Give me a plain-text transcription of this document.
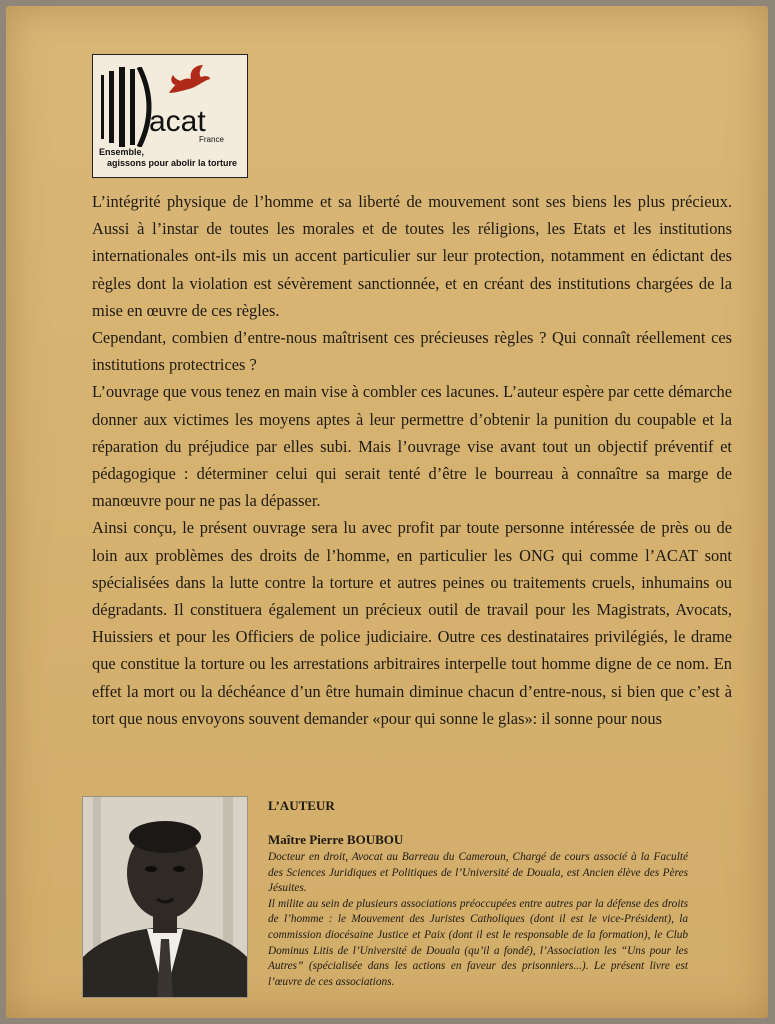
acat
France
Ensemble,
agissons pour abolir la torture

L’intégrité physique de l’homme et sa liberté de mouvement sont ses biens les plus précieux. Aussi à l’instar de toutes les morales et de toutes les réligions, les Etats et les institutions internationales ont-ils mis un accent particulier sur leur protection, notamment en édictant des règles dont la violation est sévèrement sanctionnée, et en créant des institutions chargées de la mise en œuvre de ces règles.

Cependant, combien d’entre-nous maîtrisent ces précieuses règles ? Qui connaît réellement ces institutions protectrices ?

L’ouvrage que vous tenez en main vise à combler ces lacunes. L’auteur espère par cette démarche donner aux victimes les moyens aptes à leur permettre d’obtenir la punition du coupable et la réparation du préjudice par elles subi. Mais l’ouvrage vise avant tout un objectif préventif et pédagogique : déterminer celui qui serait tenté d’être le bourreau à connaître sa marge de manœuvre pour ne pas la dépasser.

Ainsi conçu, le présent ouvrage sera lu avec profit par toute personne intéressée de près ou de loin aux problèmes des droits de l’homme, en particulier les ONG qui comme l’ACAT sont spécialisées dans la lutte contre la torture et autres peines ou traitements cruels, inhumains ou dégradants. Il constituera également un précieux outil de travail pour les Magistrats, Avocats, Huissiers et pour les Officiers de police judiciaire. Outre ces destinataires privilégiés, le drame que constitue la torture ou les arrestations arbitraires interpelle tout homme digne de ce nom. En effet la mort ou la déchéance d’un être humain diminue chacun d’entre-nous, si bien que c’est à tort que nous envoyons souvent demander «pour qui sonne le glas»: il sonne pour nous

L’AUTEUR

Maître Pierre BOUBOU

Docteur en droit, Avocat au Barreau du Cameroun, Chargé de cours associé à la Faculté des Sciences Juridiques et Politiques de l’Université de Douala, est Ancien élève des Pères Jésuites.

Il milite au sein de plusieurs associations préoccupées entre autres par la défense des droits de l’homme : le Mouvement des Juristes Catholiques (dont il est le vice-Président), la commission diocésaine Justice et Paix (dont il est le responsable de la formation), le Club Dominus Litis de l’Université de Douala (qu’il a fondé), l’Association les “Uns pour les Autres” (spécialisée dans les actions en faveur des prisonniers...). Le présent livre est l’œuvre de ces associations.
